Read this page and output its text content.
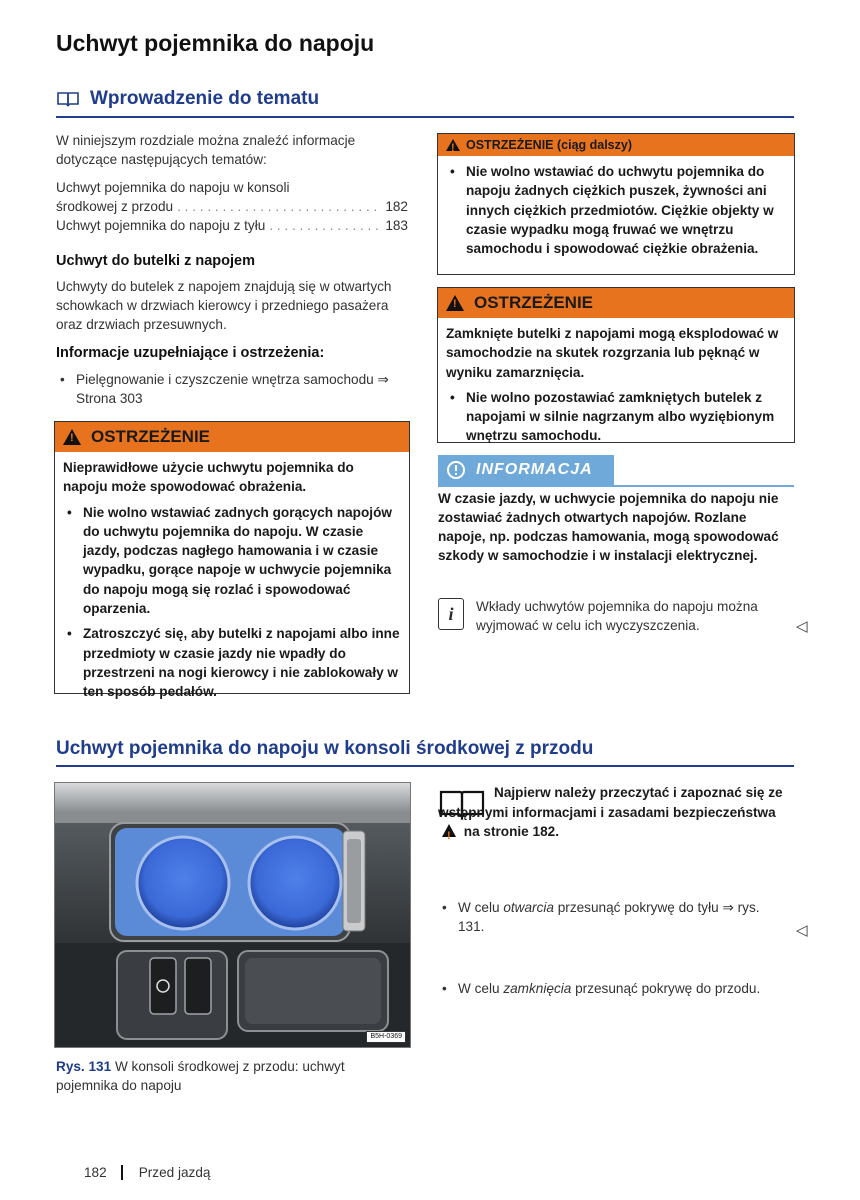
Uchwyt pojemnika do napoju
Wprowadzenie do tematu
W niniejszym rozdziale można znaleźć informacje dotyczące następujących tematów:
Uchwyt pojemnika do napoju w konsoli
środkowej z przodu . . .	182
Uchwyt pojemnika do napoju z tyłu . . .	183
Uchwyt do butelki z napojem
Uchwyty do butelek z napojem znajdują się w otwartych schowkach w drzwiach kierowcy i przedniego pasażera oraz drzwiach przesuwnych.
Informacje uzupełniające i ostrzeżenia:
• Pielęgnowanie i czyszczenie wnętrza samochodu ⇒ Strona 303
!
OSTRZEŻENIE

Nieprawidłowe użycie uchwytu pojemnika do napoju może spowodować obrażenia.

• Nie wolno wstawiać zadnych gorących napojów do uchwytu pojemnika do napoju. W czasie jazdy, podczas nagłego hamowania i w czasie wypadku, gorące napoje w uchwycie pojemnika do napoju mogą się rozlać i spowodować oparzenia.

• Zatroszczyć się, aby butelki z napojami albo inne przedmioty w czasie jazdy nie wpadły do przestrzeni na nogi kierowcy i nie zablokowały w ten sposób pedałów.

!
OSTRZEŻENIE (ciąg dalszy)

• Nie wolno wstawiać do uchwytu pojemnika do napoju żadnych ciężkich puszek, żywności ani innych ciężkich przedmiotów. Ciężkie objekty w czasie wypadku mogą fruwać we wnętrzu samochodu i spowodować ciężkie obrażenia.

!
OSTRZEŻENIE

Zamknięte butelki z napojami mogą eksplodować w samochodzie na skutek rozgrzania lub pęknąć w wyniku zamarznięcia.

• Nie wolno pozostawiać zamkniętych butelek z napojami w silnie nagrzanym albo wyziębionym wnętrzu samochodu.

INFORMACJA
W czasie jazdy, w uchwycie pojemnika do napoju nie zostawiać żadnych otwartych napojów. Rozlane napoje, np. podczas hamowania, mogą spowodować szkody w samochodzie i w instalacji elektrycznej.
i	Wkłady uchwytów pojemnika do napoju można wyjmować w celu ich wyczyszczenia.	◁
Uchwyt pojemnika do napoju w konsoli środkowej z przodu
B5H-0369
Rys. 131 W konsoli środkowej z przodu: uchwyt pojemnika do napoju
Najpierw należy przeczytać i zapoznać się ze wstępnymi informacjami i zasadami bezpieczeństwa ! na stronie 182.
• W celu otwarcia przesunąć pokrywę do tyłu ⇒ rys. 131.
• W celu zamknięcia przesunąć pokrywę do przodu.
◁
182 Przed jazdą
